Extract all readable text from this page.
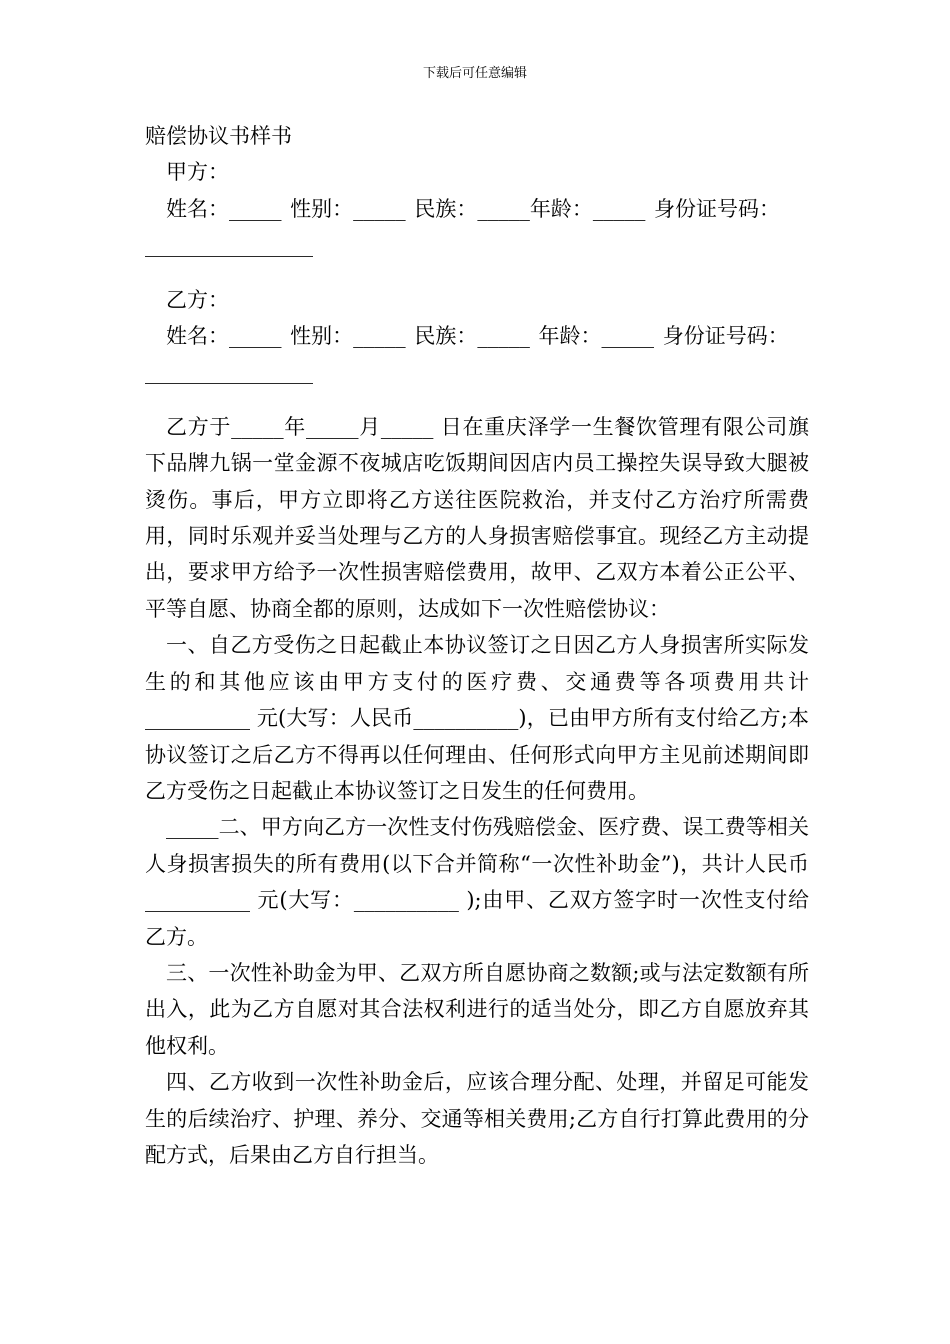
下载后可任意编辑

赔偿协议书样书

甲方：

姓名：_____ 性别：_____ 民族：_____年龄：_____ 身份证号码：

________________

乙方：

姓名：_____ 性别：_____ 民族：_____ 年龄：_____ 身份证号码：

________________

乙方于_____年_____月_____ 日在重庆泽学一生餐饮管理有限公司旗下品牌九锅一堂金源不夜城店吃饭期间因店内员工操控失误导致大腿被烫伤。事后，甲方立即将乙方送往医院救治，并支付乙方治疗所需费用，同时乐观并妥当处理与乙方的人身损害赔偿事宜。现经乙方主动提出，要求甲方给予一次性损害赔偿费用，故甲、乙双方本着公正公平、平等自愿、协商全都的原则，达成如下一次性赔偿协议：

一、自乙方受伤之日起截止本协议签订之日因乙方人身损害所实际发生的和其他应该由甲方支付的医疗费、交通费等各项费用共计__________ 元(大写：人民币__________)，已由甲方所有支付给乙方;本协议签订之后乙方不得再以任何理由、任何形式向甲方主见前述期间即乙方受伤之日起截止本协议签订之日发生的任何费用。

_____二、甲方向乙方一次性支付伤残赔偿金、医疗费、误工费等相关人身损害损失的所有费用(以下合并简称“一次性补助金”)，共计人民币__________ 元(大写：__________ );由甲、乙双方签字时一次性支付给乙方。

三、一次性补助金为甲、乙双方所自愿协商之数额;或与法定数额有所出入，此为乙方自愿对其合法权利进行的适当处分，即乙方自愿放弃其他权利。

四、乙方收到一次性补助金后，应该合理分配、处理，并留足可能发生的后续治疗、护理、养分、交通等相关费用;乙方自行打算此费用的分配方式，后果由乙方自行担当。
